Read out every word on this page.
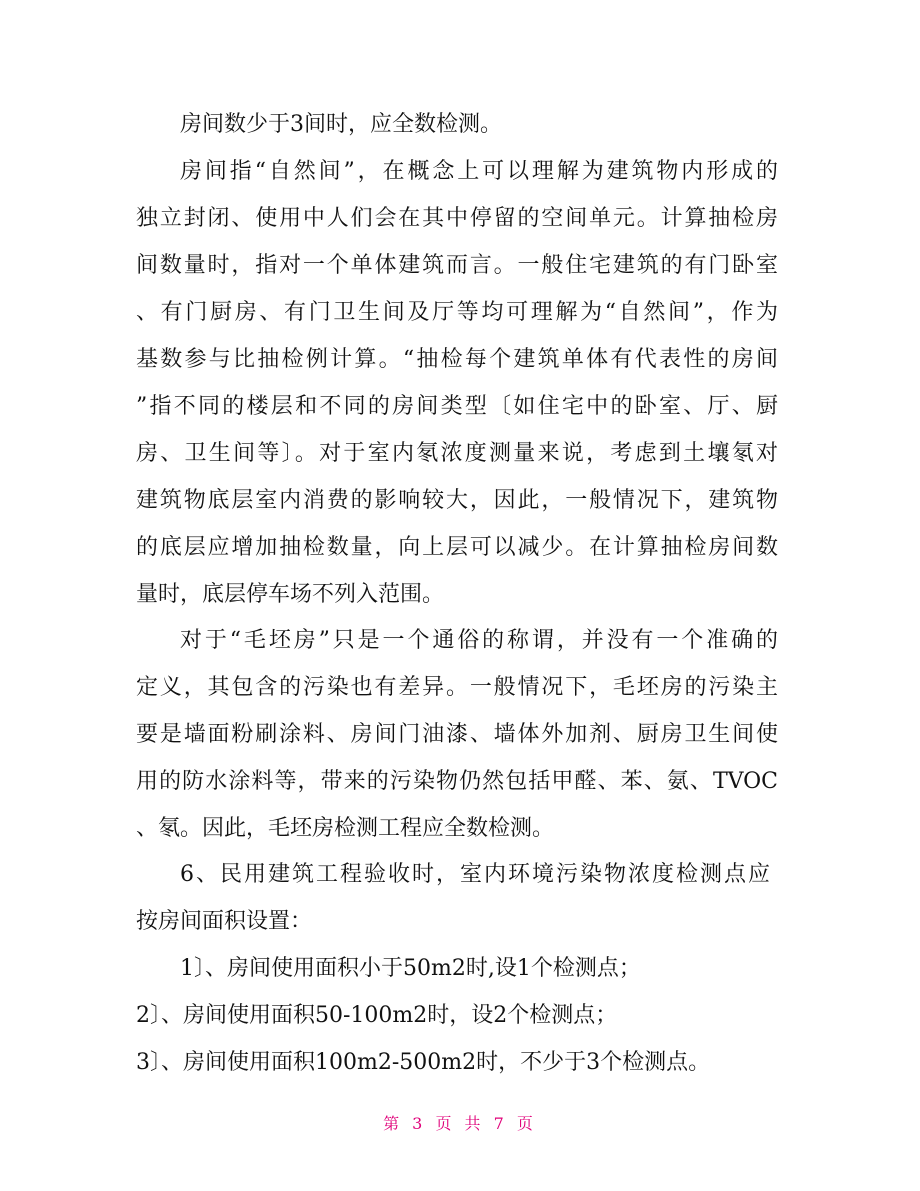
房间数少于3间时，应全数检测。
房间指“自然间”，在概念上可以理解为建筑物内形成的
独立封闭、使用中人们会在其中停留的空间单元。计算抽检房
间数量时，指对一个单体建筑而言。一般住宅建筑的有门卧室
、有门厨房、有门卫生间及厅等均可理解为“自然间”，作为
基数参与比抽检例计算。“抽检每个建筑单体有代表性的房间
”指不同的楼层和不同的房间类型〔如住宅中的卧室、厅、厨
房、卫生间等〕。对于室内氡浓度测量来说，考虑到土壤氡对
建筑物底层室内消费的影响较大，因此，一般情况下，建筑物
的底层应增加抽检数量，向上层可以减少。在计算抽检房间数
量时，底层停车场不列入范围。
对于“毛坯房”只是一个通俗的称谓，并没有一个准确的
定义，其包含的污染也有差异。一般情况下，毛坯房的污染主
要是墙面粉刷涂料、房间门油漆、墙体外加剂、厨房卫生间使
用的防水涂料等，带来的污染物仍然包括甲醛、苯、氨、TVOC
、氡。因此，毛坯房检测工程应全数检测。
6、民用建筑工程验收时，室内环境污染物浓度检测点应
按房间面积设置：
1〕、房间使用面积小于50m2时,设1个检测点；
2〕、房间使用面积50-100m2时，设2个检测点；
3〕、房间使用面积100m2-500m2时，不少于3个检测点。
第 3 页 共 7 页
